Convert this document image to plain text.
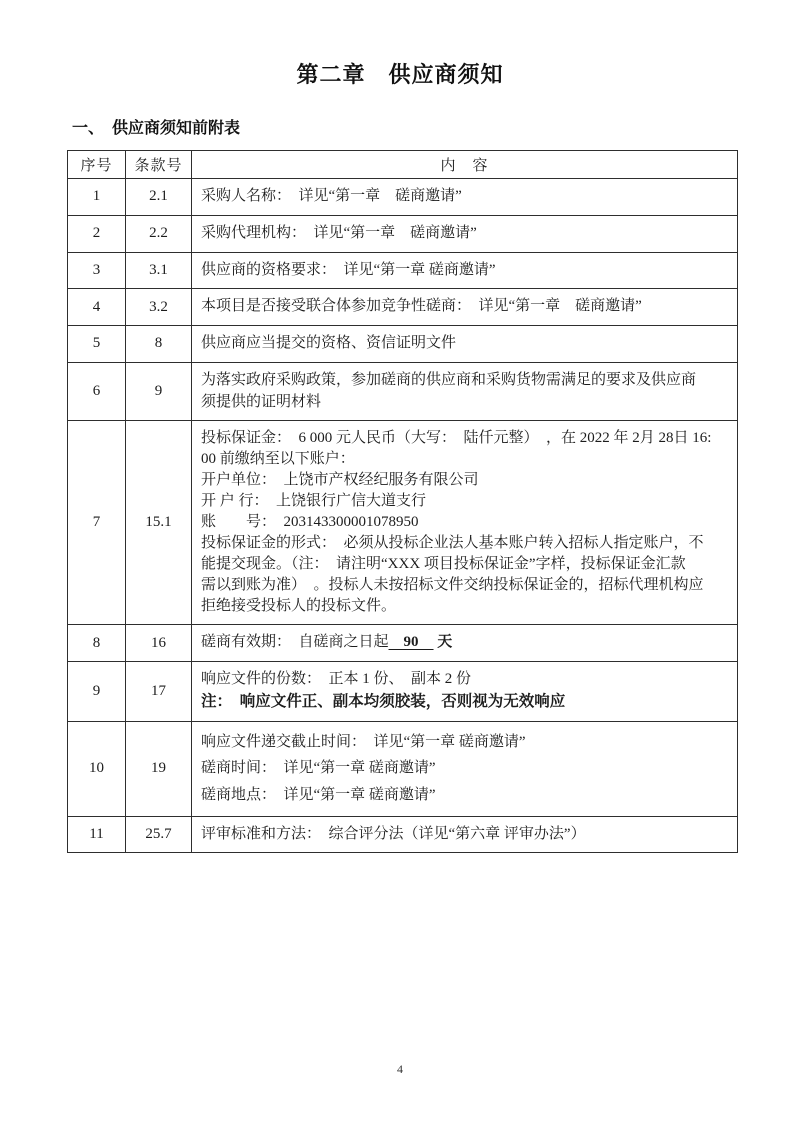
第二章　供应商须知
一、　供应商须知前附表
序号	条款号	内　容
1	2.1	采购人名称：　详见“第一章　磋商邀请”

2	2.2	采购代理机构：　详见“第一章　磋商邀请”

3	3.1	供应商的资格要求：　详见“第一章 磋商邀请”

4	3.2	本项目是否接受联合体参加竞争性磋商：　详见“第一章　磋商邀请”

5	8	供应商应当提交的资格、资信证明文件

6	9	为落实政府采购政策，参加磋商的供应商和采购货物需满足的要求及供应商
须提供的证明材料

7	15.1	
投标保证金：　6 000 元人民币（大写：　陆仟元整）　，在 2022 年 2月 28日 16:
00 前缴纳至以下账户：
开户单位：　上饶市产权经纪服务有限公司
开 户 行：　上饶银行广信大道支行
账　　号：　203143300001078950
投标保证金的形式：　必须从投标企业法人基本账户转入招标人指定账户，不
能提交现金。（注：　请注明“XXX 项目投标保证金”字样，投标保证金汇款
需以到账为准）　。投标人未按招标文件交纳投标保证金的，招标代理机构应
拒绝接受投标人的投标文件。

8	16	磋商有效期：　自磋商之日起　90　 天

9	17	响应文件的份数：　正本 1 份、　副本 2 份
注：　响应文件正、副本均须胶装，否则视为无效响应

10	19	响应文件递交截止时间：　详见“第一章 磋商邀请”
磋商时间：　详见“第一章 磋商邀请”
磋商地点：　详见“第一章 磋商邀请”

11	25.7	评审标准和方法：　综合评分法（详见“第六章 评审办法”）
4
